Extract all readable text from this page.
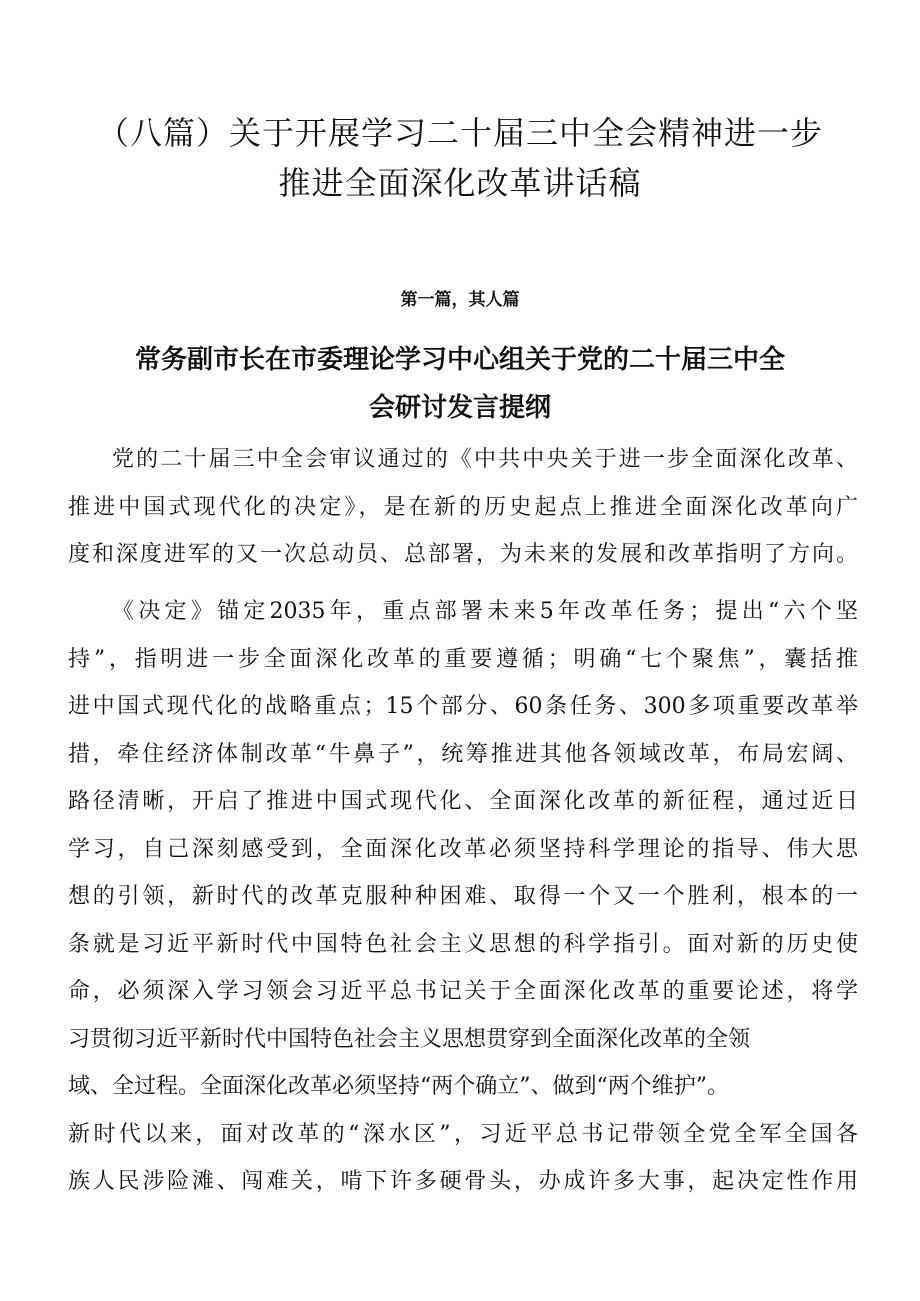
（八篇）关于开展学习二十届三中全会精神进一步
推进全面深化改革讲话稿

第一篇，其人篇

常务副市长在市委理论学习中心组关于党的二十届三中全
会研讨发言提纲
党的二十届三中全会审议通过的《中共中央关于进一步全面深化改革、
推进中国式现代化的决定》，是在新的历史起点上推进全面深化改革向广
度和深度进军的又一次总动员、总部署，为未来的发展和改革指明了方向。
《决定》锚定2035年，重点部署未来5年改革任务；提出“六个坚
持”，指明进一步全面深化改革的重要遵循；明确“七个聚焦”，囊括推
进中国式现代化的战略重点；15个部分、60条任务、300多项重要改革举
措，牵住经济体制改革“牛鼻子”，统筹推进其他各领域改革，布局宏阔、
路径清晰，开启了推进中国式现代化、全面深化改革的新征程，通过近日
学习，自己深刻感受到，全面深化改革必须坚持科学理论的指导、伟大思
想的引领，新时代的改革克服种种困难、取得一个又一个胜利，根本的一
条就是习近平新时代中国特色社会主义思想的科学指引。面对新的历史使
命，必须深入学习领会习近平总书记关于全面深化改革的重要论述，将学
习贯彻习近平新时代中国特色社会主义思想贯穿到全面深化改革的全领
域、全过程。全面深化改革必须坚持“两个确立”、做到“两个维护”。
新时代以来，面对改革的“深水区”，习近平总书记带领全党全军全国各
族人民涉险滩、闯难关，啃下许多硬骨头，办成许多大事，起决定性作用
